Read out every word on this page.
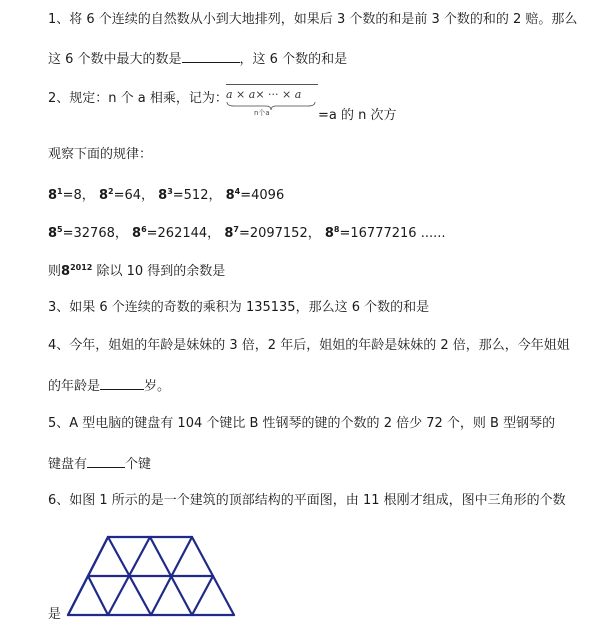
1、将 6 个连续的自然数从小到大地排列，如果后 3 个数的和是前 3 个数的和的 2 赔。那么
这 6 个数中最大的数是	，这 6 个数的和是
2、规定：n 个 a 相乘，记为：
a × a× ··· × a
n个a	=a 的 n 次方
观察下面的规律：
$8^1=8$， $8^2=64$， $8^3=512$， $8^4=4096$
$8^5=32768$， $8^6=262144$， $8^7=2097152$， $8^8=16777216$ ......
则$8^{2012}$ 除以 10 得到的余数是
3、如果 6 个连续的奇数的乘积为 135135，那么这 6 个数的和是
4、今年，姐姐的年龄是妹妹的 3 倍，2 年后，姐姐的年龄是妹妹的 2 倍，那么，今年姐姐
的年龄是	岁。
5、A 型电脑的键盘有 104 个键比 B 性钢琴的键的个数的 2 倍少 72 个，则 B 型钢琴的
键盘有	个键
6、如图 1 所示的是一个建筑的顶部结构的平面图，由 11 根刚才组成，图中三角形的个数
是
